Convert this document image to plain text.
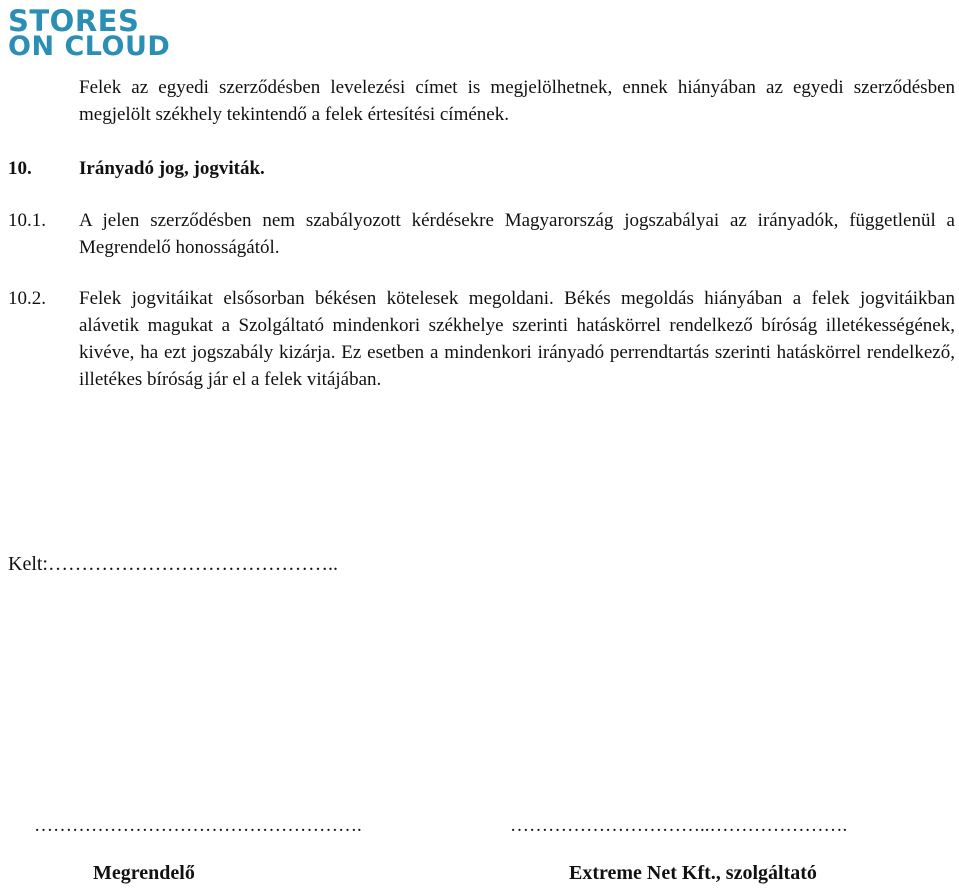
STORES
ON CLOUD
Felek az egyedi szerződésben levelezési címet is megjelölhetnek, ennek hiányában az egyedi szerződésben megjelölt székhely tekintendő a felek értesítési címének.
10. Irányadó jog, jogviták.
10.1. A jelen szerződésben nem szabályozott kérdésekre Magyarország jogszabályai az irányadók, függetlenül a Megrendelő honosságától.
10.2. Felek jogvitáikat elsősorban békésen kötelesek megoldani. Békés megoldás hiányában a felek jogvitáikban alávetik magukat a Szolgáltató mindenkori székhelye szerinti hatáskörrel rendelkező bíróság illetékességének, kivéve, ha ezt jogszabály kizárja. Ez esetben a mindenkori irányadó perrendtartás szerinti hatáskörrel rendelkező, illetékes bíróság jár el a felek vitájában.
Kelt:……………………………………..
…………………………………………….	…………………………..………………….
Megrendelő	Extreme Net Kft., szolgáltató
